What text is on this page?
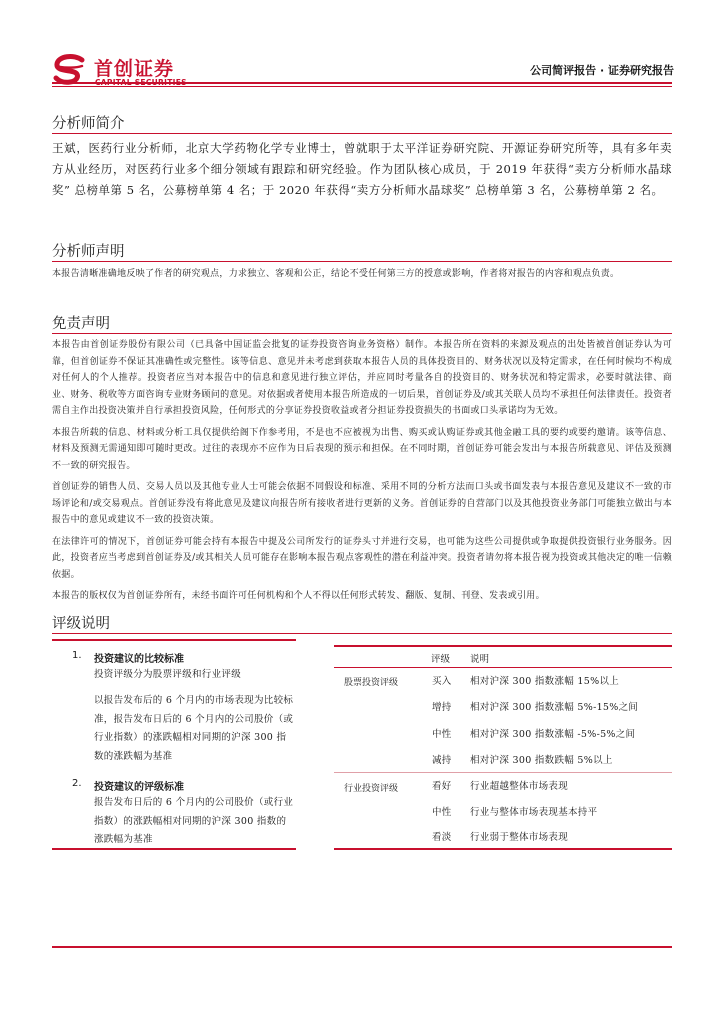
首创证券	公司简评报告 · 证券研究报告
分析师简介
王斌，医药行业分析师，北京大学药物化学专业博士，曾就职于太平洋证券研究院、开源证券研究所等，具有多年卖方从业经历，对医药行业多个细分领域有跟踪和研究经验。作为团队核心成员，于 2019 年获得“卖方分析师水晶球奖” 总榜单第 5 名，公募榜单第 4 名；于 2020 年获得“卖方分析师水晶球奖” 总榜单第 3 名，公募榜单第 2 名。
分析师声明
本报告清晰准确地反映了作者的研究观点，力求独立、客观和公正，结论不受任何第三方的授意或影响，作者将对报告的内容和观点负责。
免责声明

本报告由首创证券股份有限公司（已具备中国证监会批复的证券投资咨询业务资格）制作。本报告所在资料的来源及观点的出处皆被首创证券认为可靠，但首创证券不保证其准确性或完整性。该等信息、意见并未考虑到获取本报告人员的具体投资目的、财务状况以及特定需求，在任何时候均不构成对任何人的个人推荐。投资者应当对本报告中的信息和意见进行独立评估，并应同时考量各自的投资目的、财务状况和特定需求，必要时就法律、商业、财务、税收等方面咨询专业财务顾问的意见。对依据或者使用本报告所造成的一切后果，首创证券及/或其关联人员均不承担任何法律责任。投资者需自主作出投资决策并自行承担投资风险，任何形式的分享证券投资收益或者分担证券投资损失的书面或口头承诺均为无效。

本报告所载的信息、材料或分析工具仅提供给阁下作参考用，不是也不应被视为出售、购买或认购证券或其他金融工具的要约或要约邀请。该等信息、材料及预测无需通知即可随时更改。过往的表现亦不应作为日后表现的预示和担保。在不同时期，首创证券可能会发出与本报告所载意见、评估及预测不一致的研究报告。

首创证券的销售人员、交易人员以及其他专业人士可能会依据不同假设和标准、采用不同的分析方法而口头或书面发表与本报告意见及建议不一致的市场评论和/或交易观点。首创证券没有将此意见及建议向报告所有接收者进行更新的义务。首创证券的自营部门以及其他投资业务部门可能独立做出与本报告中的意见或建议不一致的投资决策。

在法律许可的情况下，首创证券可能会持有本报告中提及公司所发行的证券头寸并进行交易，也可能为这些公司提供或争取提供投资银行业务服务。因此，投资者应当考虑到首创证券及/或其相关人员可能存在影响本报告观点客观性的潜在利益冲突。投资者请勿将本报告视为投资或其他决定的唯一信赖依据。

本报告的版权仅为首创证券所有，未经书面许可任何机构和个人不得以任何形式转发、翻版、复制、刊登、发表或引用。

评级说明
1. 投资建议的比较标准
投资评级分为股票评级和行业评级
以报告发布后的 6 个月内的市场表现为比较标准，报告发布日后的 6 个月内的公司股价（或行业指数）的涨跌幅相对同期的沪深 300 指数的涨跌幅为基准
2. 投资建议的评级标准
报告发布日后的 6 个月内的公司股价（或行业指数）的涨跌幅相对同期的沪深 300 指数的涨跌幅为基准
评级 说明
股票投资评级	买入 相对沪深 300 指数涨幅 15%以上
增持 相对沪深 300 指数涨幅 5%-15%之间
中性 相对沪深 300 指数涨幅 -5%-5%之间
减持 相对沪深 300 指数跌幅 5%以上
行业投资评级	看好 行业超越整体市场表现
中性 行业与整体市场表现基本持平
看淡 行业弱于整体市场表现
